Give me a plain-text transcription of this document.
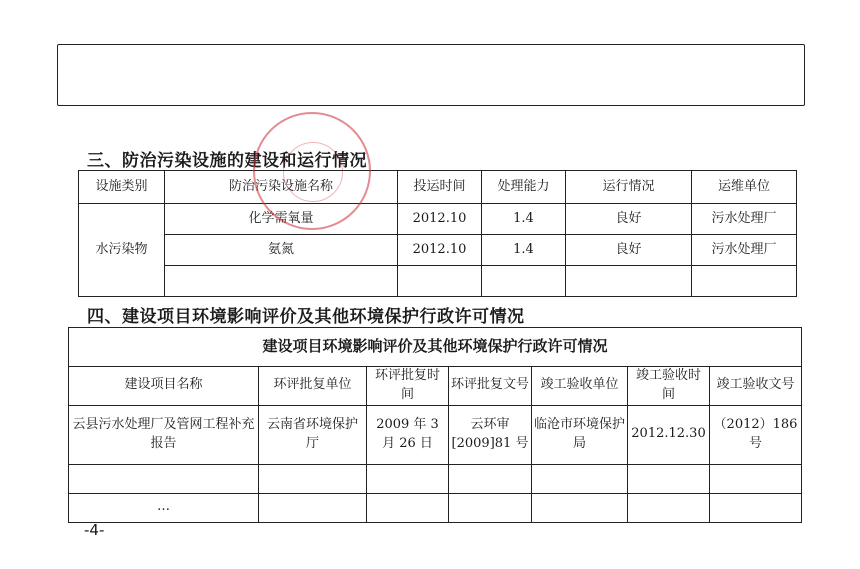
三、防治污染设施的建设和运行情况
设施类别	防治污染设施名称	投运时间	处理能力	运行情况	运维单位
水污染物	化学需氧量	2012.10	1.4	良好	污水处理厂
	氨氮	2012.10	1.4	良好	污水处理厂

四、建设项目环境影响评价及其他环境保护行政许可情况
建设项目环境影响评价及其他环境保护行政许可情况						
建设项目名称	环评批复单位	环评批复时间	环评批复文号	竣工验收单位	竣工验收时间	竣工验收文号
云县污水处理厂及管网工程补充报告	云南省环境保护厅	2009 年 3 月 26 日	云环审[2009]81 号	临沧市环境保护局	2012.12.30	（2012）186 号

…						
-4-
